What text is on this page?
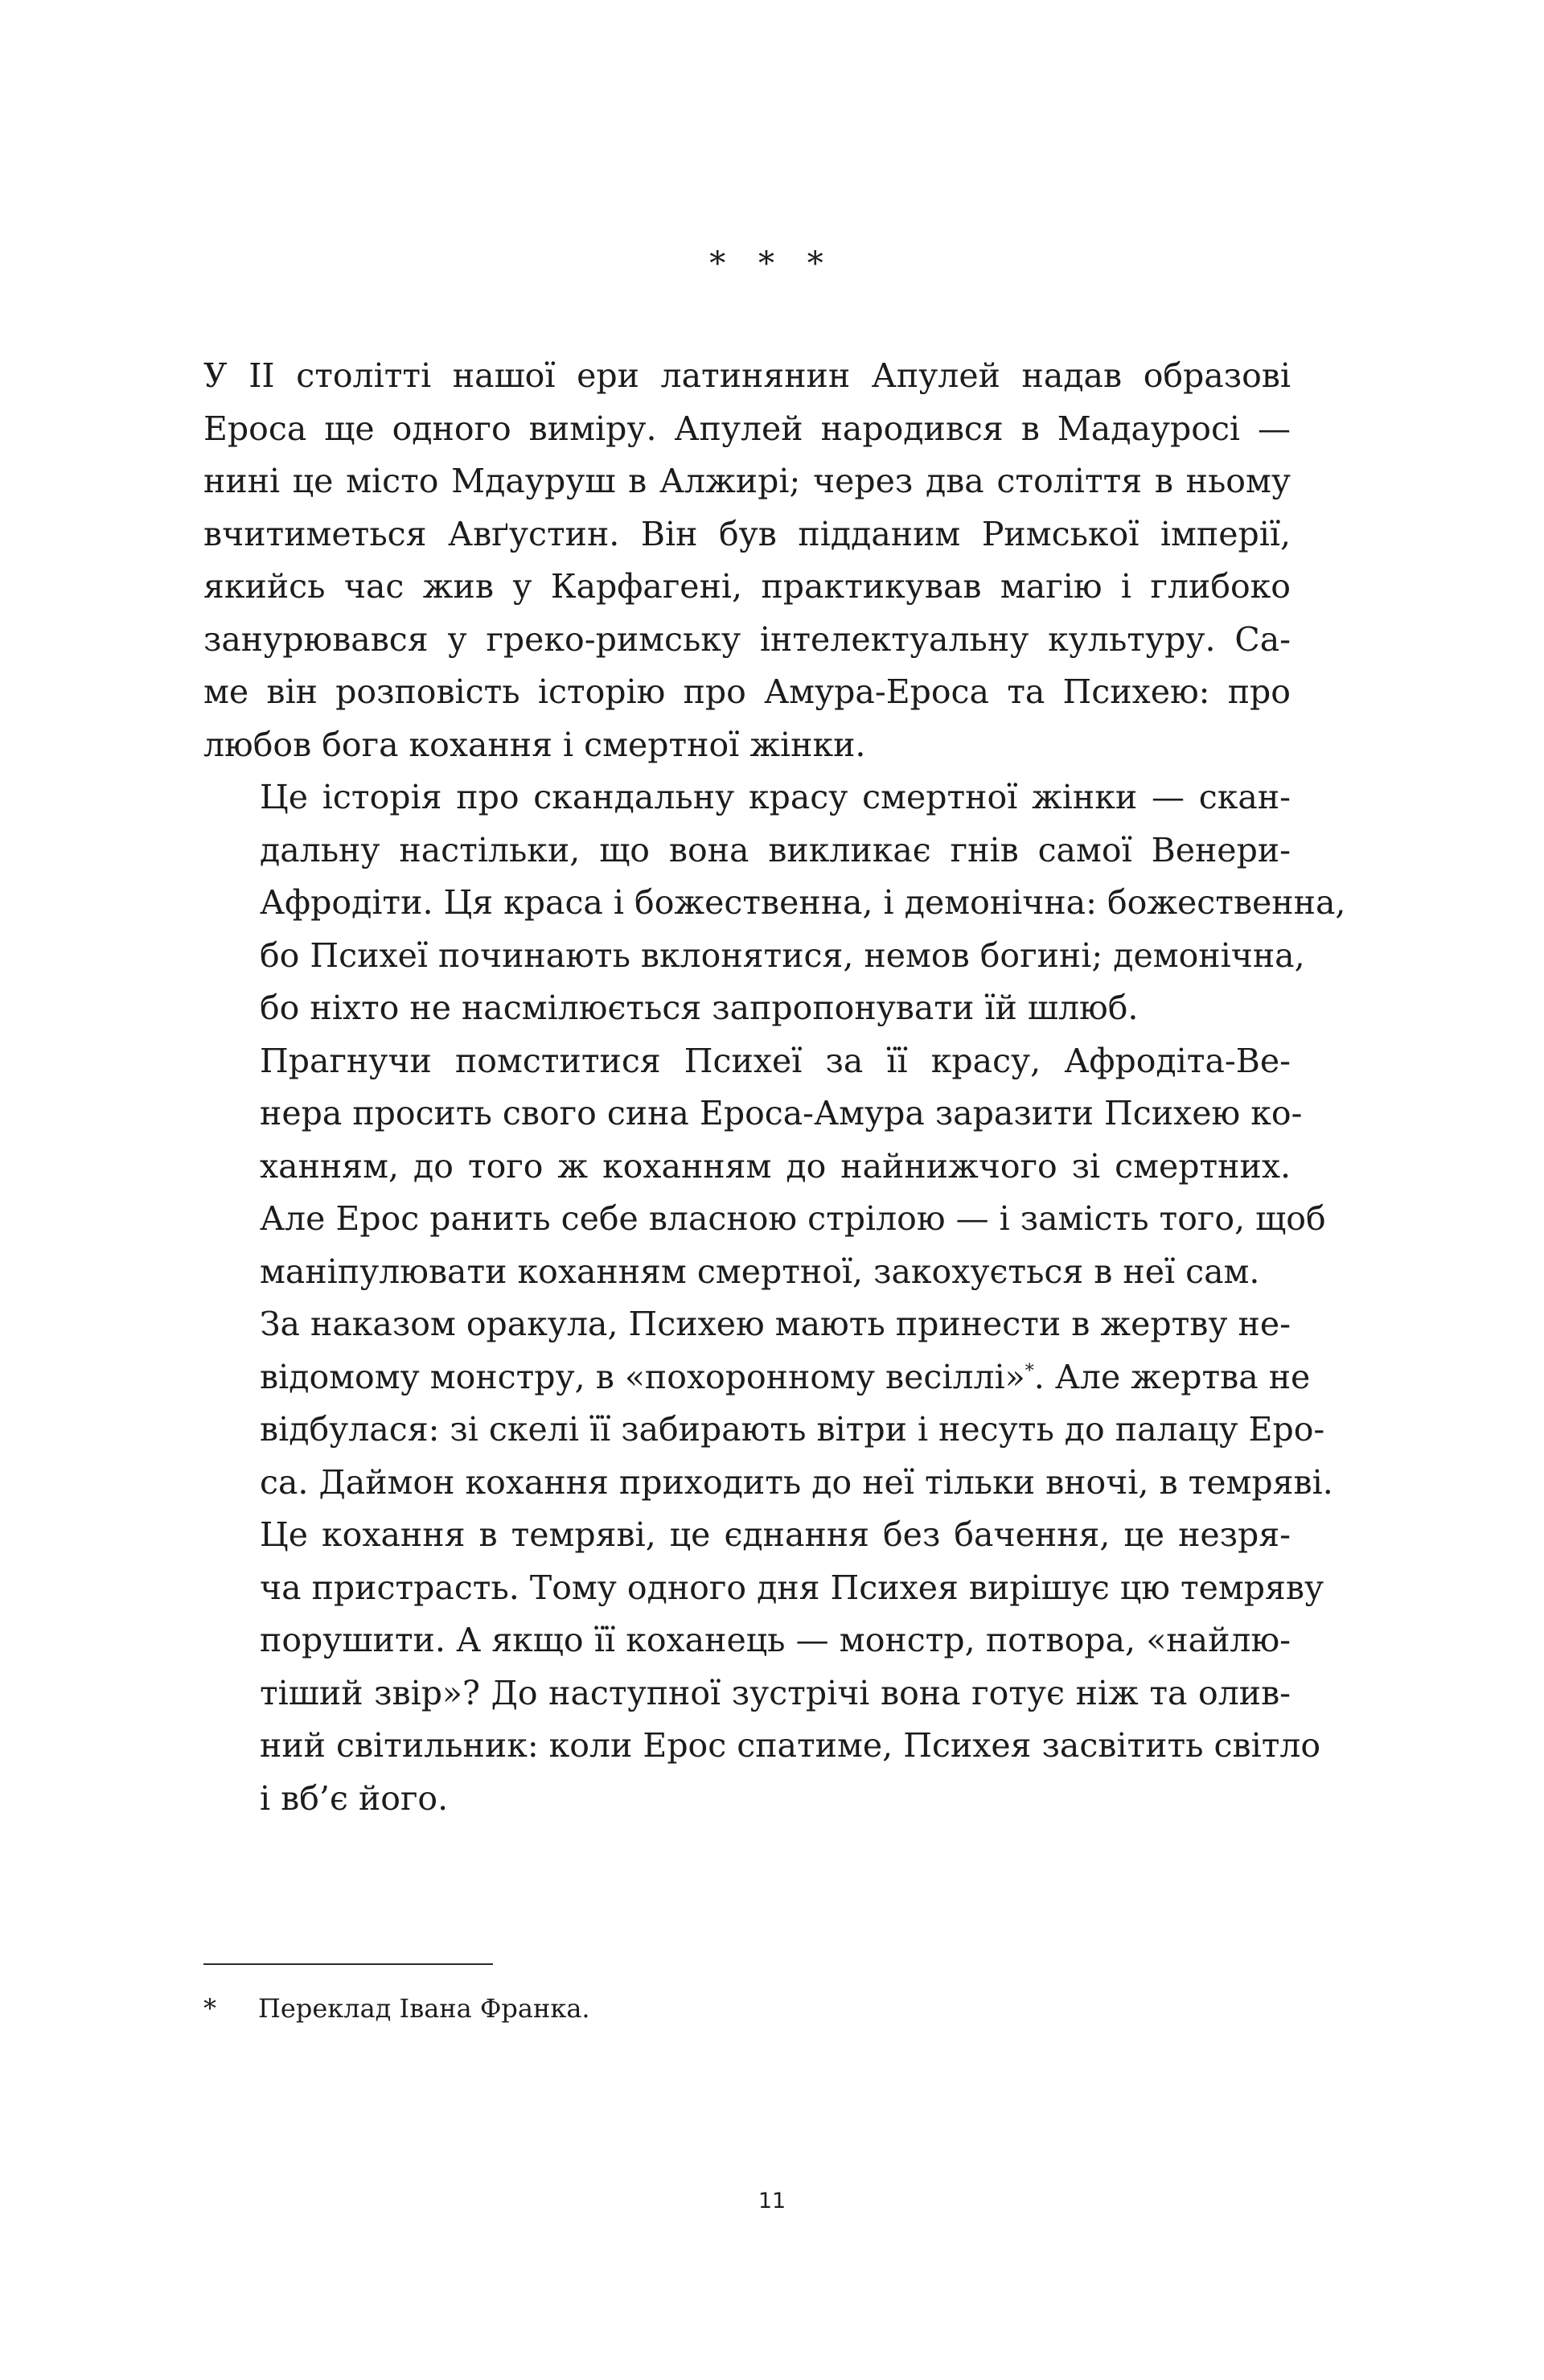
* * *

У ІІ столітті нашої ери латинянин Апулей надав образові
Ероса ще одного виміру. Апулей народився в Мадауросі —
нині це місто Мдауруш в Алжирі; через два століття в ньому
вчитиметься Авґустин. Він був підданим Римської імперії,
якийсь час жив у Карфагені, практикував магію і глибоко
занурювався у греко-римську інтелектуальну культуру. Са-
ме він розповість історію про Амура-Ероса та Психею: про
любов бога кохання і смертної жінки.

Це історія про скандальну красу смертної жінки — скан-
дальну настільки, що вона викликає гнів самої Венери-
Афродіти. Ця краса і божественна, і демонічна: божественна,
бо Психеї починають вклонятися, немов богині; демонічна,
бо ніхто не насмілюється запропонувати їй шлюб.

Прагнучи помститися Психеї за її красу, Афродіта-Ве-
нера просить свого сина Ероса-Амура заразити Психею ко-
ханням, до того ж коханням до найнижчого зі смертних.
Але Ерос ранить себе власною стрілою — і замість того, щоб
маніпулювати коханням смертної, закохується в неї сам.

За наказом оракула, Психею мають принести в жертву не-
відомому монстру, в «похоронному весіллі»*. Але жертва не
відбулася: зі скелі її забирають вітри і несуть до палацу Еро-
са. Даймон кохання приходить до неї тільки вночі, в темряві.

Це кохання в темряві, це єднання без бачення, це незря-
ча пристрасть. Тому одного дня Психея вирішує цю темряву
порушити. А якщо її коханець — монстр, потвора, «найлю-
тіший звір»? До наступної зустрічі вона готує ніж та олив-
ний світильник: коли Ерос спатиме, Психея засвітить світло
і вб’є його.

*	Переклад Івана Франка.
11
